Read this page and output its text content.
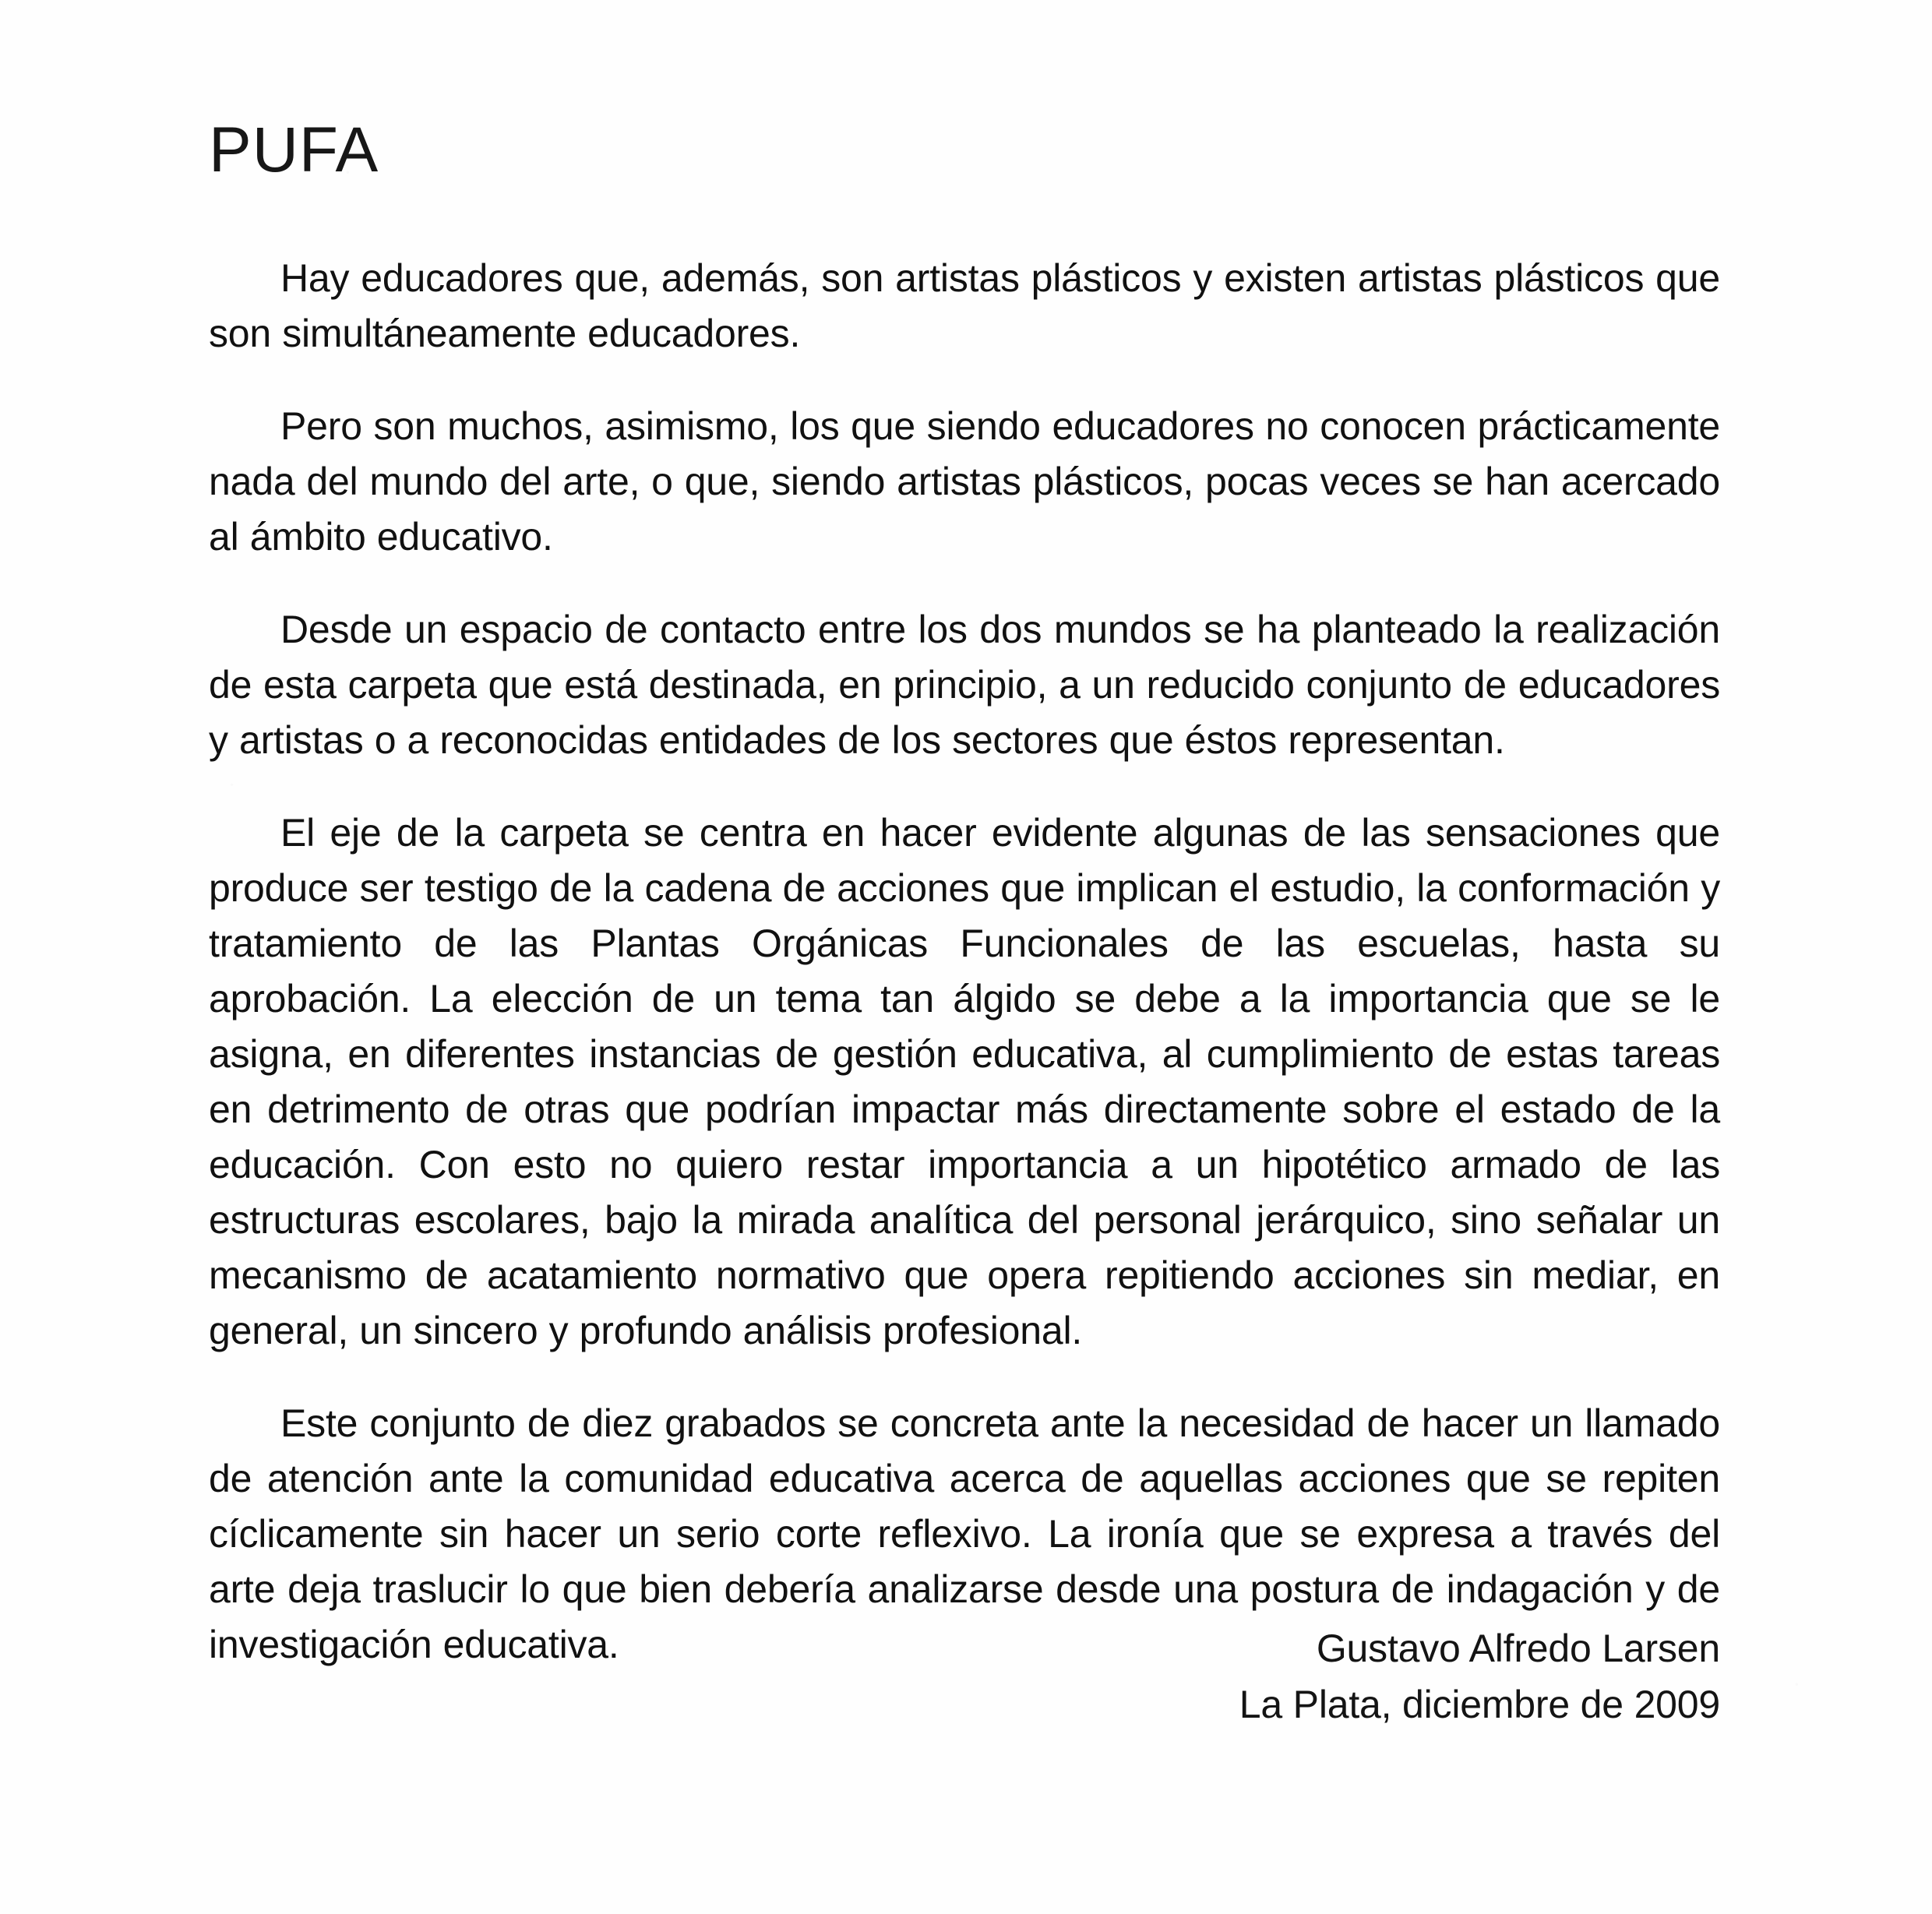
PUFA

Hay educadores que, además, son artistas plásticos y existen artistas plásticos que son simultáneamente educadores.

Pero son muchos, asimismo, los que siendo educadores no conocen prácticamente nada del mundo del arte, o que, siendo artistas plásticos, pocas veces se han acercado al ámbito educativo.

Desde un espacio de contacto entre los dos mundos se ha planteado la realización de esta carpeta que está destinada, en principio, a un reducido conjunto de educadores y artistas o a reconocidas entidades de los sectores que éstos representan.

El eje de la carpeta se centra en hacer evidente algunas de las sensaciones que produce ser testigo de la cadena de acciones que implican el estudio, la conformación y tratamiento de las Plantas Orgánicas Funcionales de las escuelas, hasta su aprobación. La elección de un tema tan álgido se debe a la importancia que se le asigna, en diferentes instancias de gestión educativa, al cumplimiento de estas tareas en detrimento de otras que podrían impactar más directamente sobre el estado de la educación. Con esto no quiero restar importancia a un hipotético armado de las estructuras escolares, bajo la mirada analítica del personal jerárquico, sino señalar un mecanismo de acatamiento normativo que opera repitiendo acciones sin mediar, en general, un sincero y profundo análisis profesional.

Este conjunto de diez grabados se concreta ante la necesidad de hacer un llamado de atención ante la comunidad educativa acerca de aquellas acciones que se repiten cíclicamente sin hacer un serio corte reflexivo. La ironía que se expresa a través del arte deja traslucir lo que bien debería analizarse desde una postura de indagación y de investigación educativa.	Gustavo Alfredo Larsen
La Plata, diciembre de 2009
